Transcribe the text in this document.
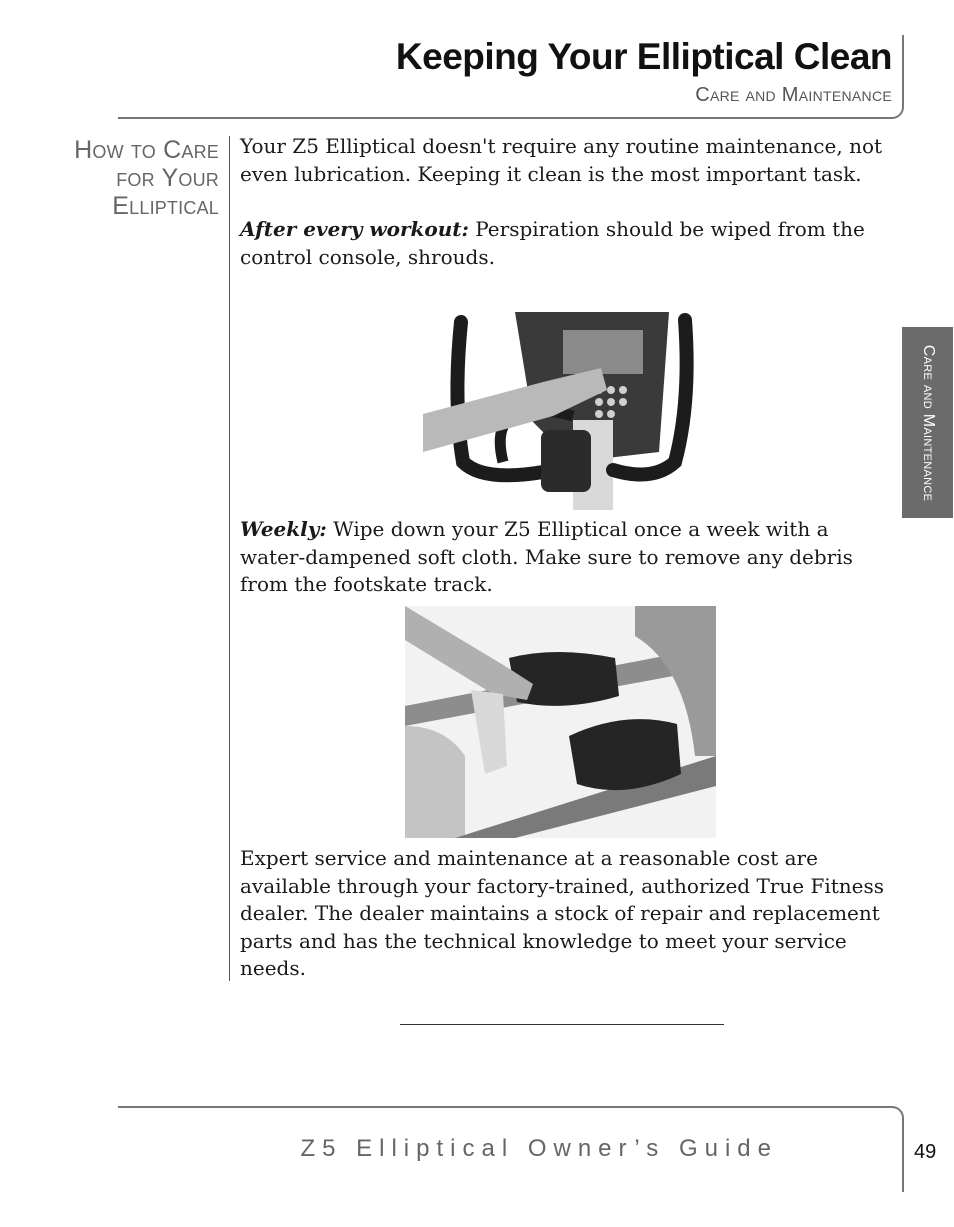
Keeping Your Elliptical Clean
Care and Maintenance
How to Care
for Your
Elliptical

Your Z5 Elliptical doesn't require any routine maintenance, not even lubrication. Keeping it clean is the most important task.

After every workout: Perspiration should be wiped from the control console, shrouds.

Weekly: Wipe down your Z5 Elliptical once a week with a water-dampened soft cloth. Make sure to remove any debris from the footskate track.

Expert service and maintenance at a reasonable cost are available through your factory-trained, authorized True Fitness dealer. The dealer maintains a stock of repair and replacement parts and has the technical knowledge to meet your service needs.

Care and Maintenance
Z5 Elliptical Owner’s Guide	49
